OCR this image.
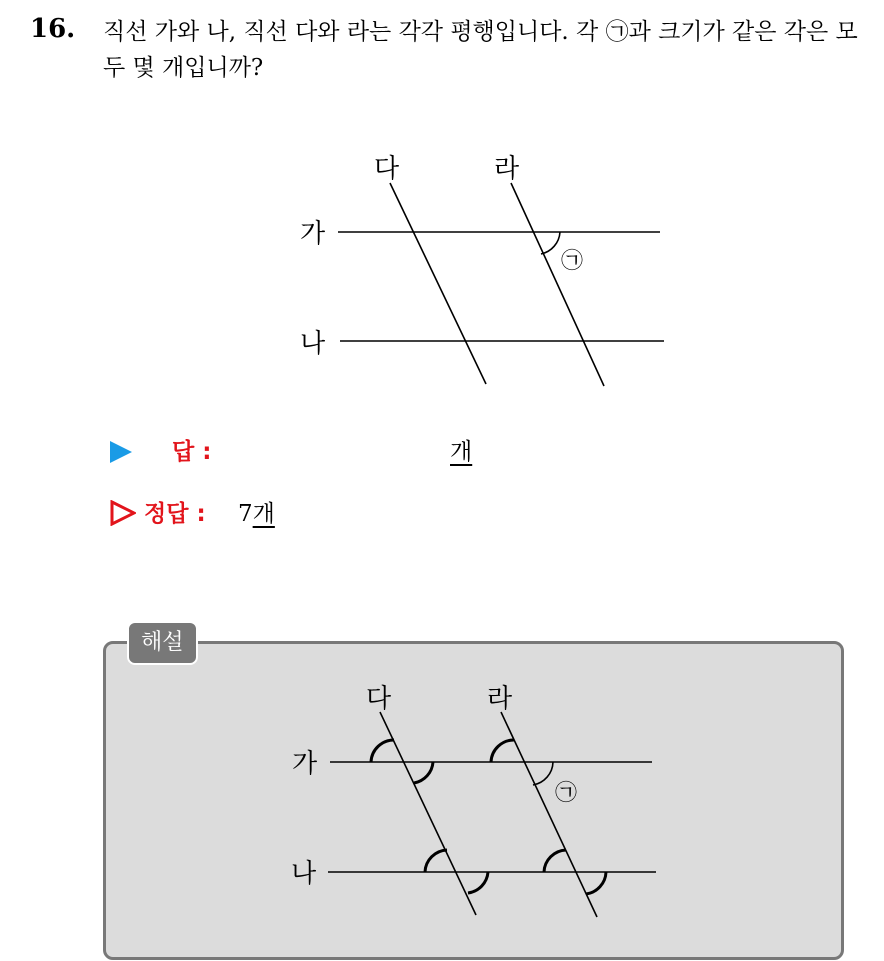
16. 직선 가와 나, 직선 다와 라는 각각 평행입니다. 각 ㉠과 크기가 같은 각은 모두 몇 개입니까?
가
나
다	라
㉠
답 :	개
정답 : 7개
해설
가
나
다	라
㉠
